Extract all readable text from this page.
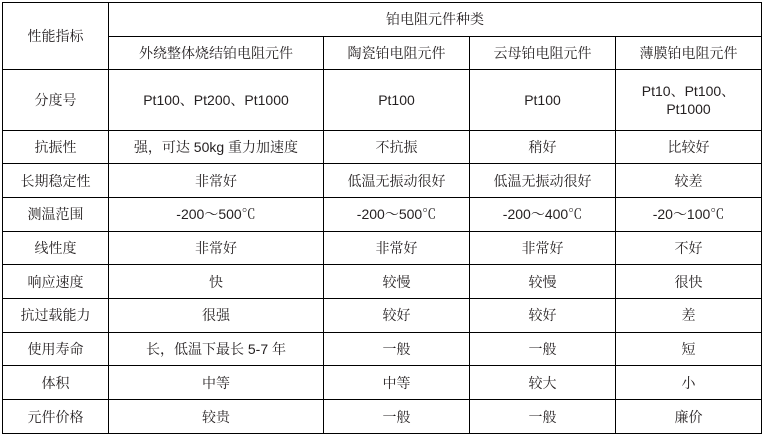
性能指标	铂电阻元件种类			
	外绕整体烧结铂电阻元件	陶瓷铂电阻元件	云母铂电阻元件	薄膜铂电阻元件
分度号	Pt100、Pt200、Pt1000	Pt100	Pt100	Pt10、Pt100、Pt1000
抗振性	强，可达 50kg 重力加速度	不抗振	稍好	比较好
长期稳定性	非常好	低温无振动很好	低温无振动很好	较差
测温范围	-200～500℃	-200～500℃	-200～400℃	-20～100℃
线性度	非常好	非常好	非常好	不好
响应速度	快	较慢	较慢	很快
抗过载能力	很强	较好	较好	差
使用寿命	长，低温下最长 5-7 年	一般	一般	短
体积	中等	中等	较大	小
元件价格	较贵	一般	一般	廉价
